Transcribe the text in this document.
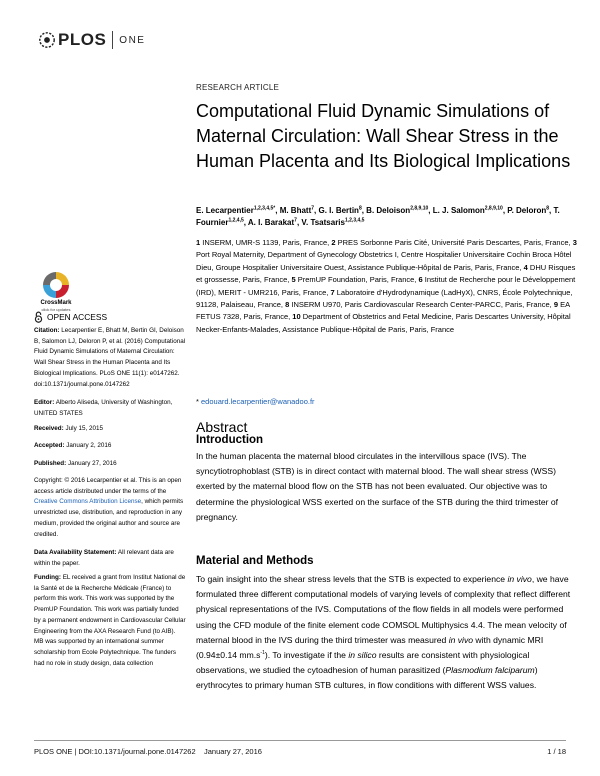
PLOS ONE
CrossMark
click for updates
OPEN ACCESS
Citation: Lecarpentier E, Bhatt M, Bertin GI, Deloison B, Salomon LJ, Deloron P, et al. (2016) Computational Fluid Dynamic Simulations of Maternal Circulation: Wall Shear Stress in the Human Placenta and Its Biological Implications. PLoS ONE 11(1): e0147262. doi:10.1371/journal.pone.0147262
Editor: Alberto Aliseda, University of Washington, UNITED STATES
Received: July 15, 2015
Accepted: January 2, 2016
Published: January 27, 2016
Copyright: © 2016 Lecarpentier et al. This is an open access article distributed under the terms of the Creative Commons Attribution License, which permits unrestricted use, distribution, and reproduction in any medium, provided the original author and source are credited.
Data Availability Statement: All relevant data are within the paper.
Funding: EL received a grant from Institut National de la Santé et de la Recherche Médicale (France) to perform this work. This work was supported by the PremUP Foundation. This work was partially funded by a permanent endowment in Cardiovascular Cellular Engineering from the AXA Research Fund (to AIB). MB was supported by an international summer scholarship from Ecole Polytechnique. The funders had no role in study design, data collection
RESEARCH ARTICLE
Computational Fluid Dynamic Simulations of Maternal Circulation: Wall Shear Stress in the Human Placenta and Its Biological Implications
E. Lecarpentier$^{1,2,3,4,5*}$, M. Bhatt$^7$, G. I. Bertin$^8$, B. Deloison$^{2,8,9,10}$, L. J. Salomon$^{2,8,9,10}$, P. Deloron$^8$, T. Fournier$^{1,2,4,5}$, A. I. Barakat$^7$, V. Tsatsaris$^{1,2,3,4,5}$
1 INSERM, UMR-S 1139, Paris, France, 2 PRES Sorbonne Paris Cité, Université Paris Descartes, Paris, France, 3 Port Royal Maternity, Department of Gynecology Obstetrics I, Centre Hospitalier Universitaire Cochin Broca Hôtel Dieu, Groupe Hospitalier Universitaire Ouest, Assistance Publique-Hôpital de Paris, Paris, France, 4 DHU Risques et grossesse, Paris, France, 5 PremUP Foundation, Paris, France, 6 Institut de Recherche pour le Développement (IRD), MERIT - UMR216, Paris, France, 7 Laboratoire d'Hydrodynamique (LadHyX), CNRS, École Polytechnique, 91128, Palaiseau, France, 8 INSERM U970, Paris Cardiovascular Research Center-PARCC, Paris, France, 9 EA FETUS 7328, Paris, France, 10 Department of Obstetrics and Fetal Medicine, Paris Descartes University, Hôpital Necker-Enfants-Malades, Assistance Publique-Hôpital de Paris, Paris, France
* edouard.lecarpentier@wanadoo.fr
Abstract
Introduction

In the human placenta the maternal blood circulates in the intervillous space (IVS). The syncytiotrophoblast (STB) is in direct contact with maternal blood. The wall shear stress (WSS) exerted by the maternal blood flow on the STB has not been evaluated. Our objective was to determine the physiological WSS exerted on the surface of the STB during the third trimester of pregnancy.

Material and Methods

To gain insight into the shear stress levels that the STB is expected to experience in vivo, we have formulated three different computational models of varying levels of complexity that reflect different physical representations of the IVS. Computations of the flow fields in all models were performed using the CFD module of the finite element code COMSOL Multiphysics 4.4. The mean velocity of maternal blood in the IVS during the third trimester was measured in vivo with dynamic MRI (0.94±0.14 $mm.s^{-1}$). To investigate if the in silico results are consistent with physiological observations, we studied the cytoadhesion of human parasitized (Plasmodium falciparum) erythrocytes to primary human STB cultures, in flow conditions with different WSS values.

PLOS ONE | DOI:10.1371/journal.pone.0147262    January 27, 2016	1 / 18
